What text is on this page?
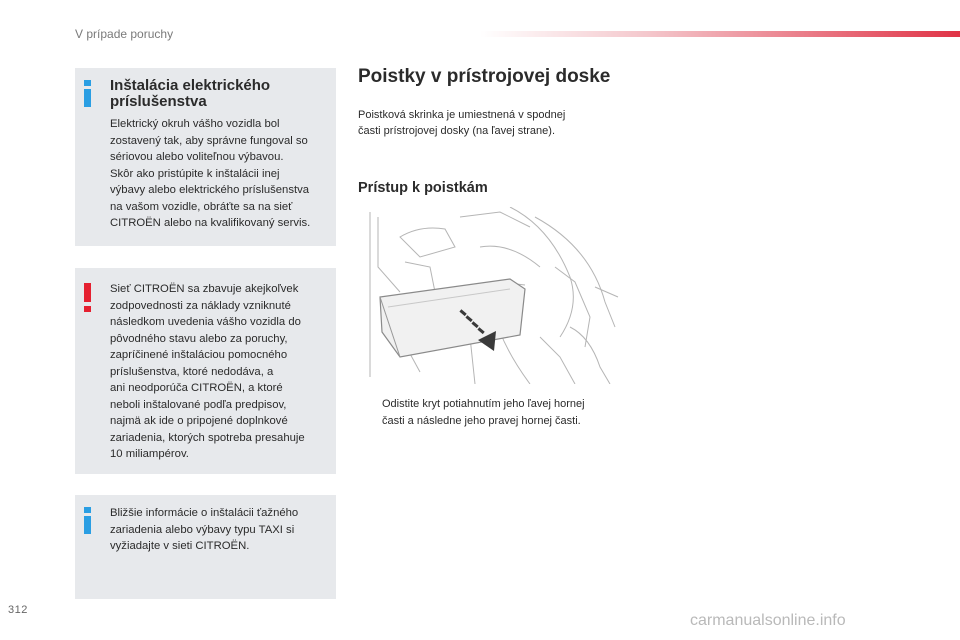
V prípade poruchy
Inštalácia elektrického príslušenstva
Elektrický okruh vášho vozidla bol
zostavený tak, aby správne fungoval so
sériovou alebo voliteľnou výbavou.
Skôr ako pristúpite k inštalácii inej
výbavy alebo elektrického príslušenstva
na vašom vozidle, obráťte sa na sieť
CITROËN alebo na kvalifikovaný servis.
Sieť CITROËN sa zbavuje akejkoľvek
zodpovednosti za náklady vzniknuté
následkom uvedenia vášho vozidla do
pôvodného stavu alebo za poruchy,
zapríčinené inštaláciou pomocného
príslušenstva, ktoré nedodáva, a
ani neodporúča CITROËN, a ktoré
neboli inštalované podľa predpisov,
najmä ak ide o pripojené doplnkové
zariadenia, ktorých spotreba presahuje
10 miliampérov.
Bližšie informácie o inštalácii ťažného
zariadenia alebo výbavy typu TAXI si
vyžiadajte v sieti CITROËN.
Poistky v prístrojovej doske
Poistková skrinka je umiestnená v spodnej
časti prístrojovej dosky (na ľavej strane).
Prístup k poistkám
Odistite kryt potiahnutím jeho ľavej hornej
časti a následne jeho pravej hornej časti.
312
carmanualsonline.info
